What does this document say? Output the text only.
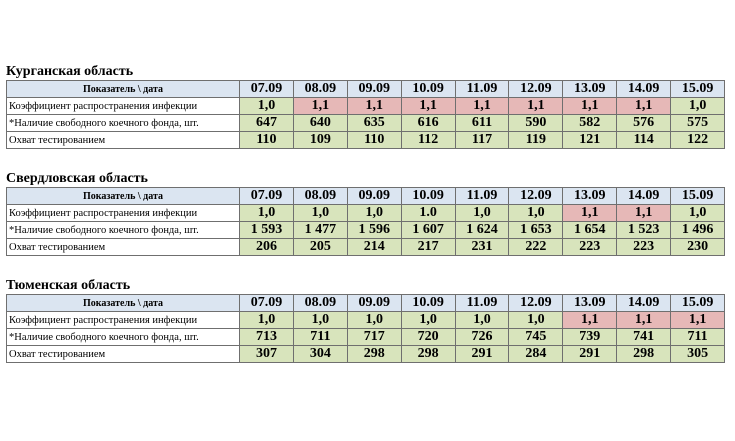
Курганская область
Показатель \ дата	07.09	08.09	09.09	10.09	11.09	12.09	13.09	14.09	15.09
Коэффициент распространения инфекции	1,0	1,1	1,1	1,1	1,1	1,1	1,1	1,1	1,0
*Наличие свободного коечного фонда, шт.	647	640	635	616	611	590	582	576	575
Охват тестированием	110	109	110	112	117	119	121	114	122
Свердловская область
Показатель \ дата	07.09	08.09	09.09	10.09	11.09	12.09	13.09	14.09	15.09
Коэффициент распространения инфекции	1,0	1,0	1,0	1.0	1,0	1,0	1,1	1,1	1,0
*Наличие свободного коечного фонда, шт.	1 593	1 477	1 596	1 607	1 624	1 653	1 654	1 523	1 496
Охват тестированием	206	205	214	217	231	222	223	223	230
Тюменская область
Показатель \ дата	07.09	08.09	09.09	10.09	11.09	12.09	13.09	14.09	15.09
Коэффициент распространения инфекции	1,0	1,0	1,0	1,0	1,0	1,0	1,1	1,1	1,1
*Наличие свободного коечного фонда, шт.	713	711	717	720	726	745	739	741	711
Охват тестированием	307	304	298	298	291	284	291	298	305
